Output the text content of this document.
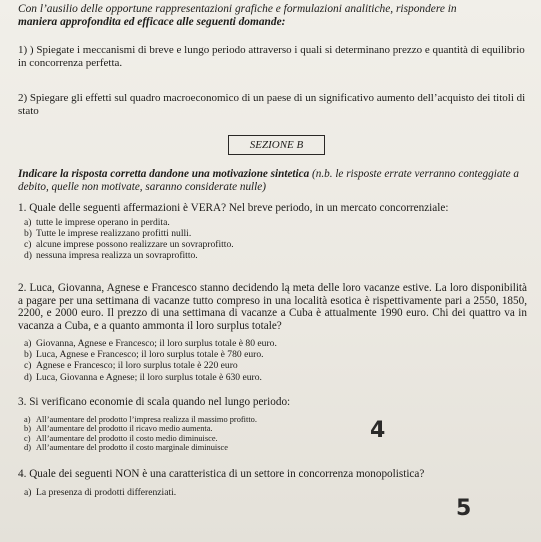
Con l’ausilio delle opportune rappresentazioni grafiche e formulazioni analitiche, rispondere in
maniera approfondita ed efficace alle seguenti domande:
1) ) Spiegate i meccanismi di breve e lungo periodo attraverso i quali si determinano prezzo e quantità di equilibrio in concorrenza perfetta.
2) Spiegare gli effetti sul quadro macroeconomico di un paese di un significativo aumento dell’acquisto dei titoli di stato
SEZIONE B
Indicare la risposta corretta dandone una motivazione sintetica (n.b. le risposte errate verranno conteggiate a debito, quelle non motivate, saranno considerate nulle)
1. Quale delle seguenti affermazioni è VERA? Nel breve periodo, in un mercato concorrenziale:
a) tutte le imprese operano in perdita.
b) Tutte le imprese realizzano profitti nulli.
c) alcune imprese possono realizzare un sovraprofitto.
d) nessuna impresa realizza un sovraprofitto.
2. Luca, Giovanna, Agnese e Francesco stanno decidendo lą meta delle loro vacanze estive. La loro disponibilità a pagare per una settimana di vacanze tutto compreso in una località esotica è rispettivamente pari a 2550, 1850, 2200, e 2000 euro. Il prezzo di una settimana di vacanze a Cuba è attualmente 1990 euro. Chi dei quattro va in vacanza a Cuba, e a quanto ammonta il loro surplus totale?
a) Giovanna, Agnese e Francesco; il loro surplus totale è 80 euro.
b) Luca, Agnese e Francesco; il loro surplus totale è 780 euro.
c) Agnese e Francesco; il loro surplus totale è 220 euro
d) Luca, Giovanna e Agnese; il loro surplus totale è 630 euro.
3. Si verificano economie di scala quando nel lungo periodo:
a) All’aumentare del prodotto l’impresa realizza il massimo profitto.
b) All’aumentare del prodotto il ricavo medio aumenta.
c) All’aumentare del prodotto il costo medio diminuisce.
d) All’aumentare del prodotto il costo marginale diminuisce
4. Quale dei seguenti NON è una caratteristica di un settore in concorrenza monopolistica?
a) La presenza di prodotti differenziati.
4
5
